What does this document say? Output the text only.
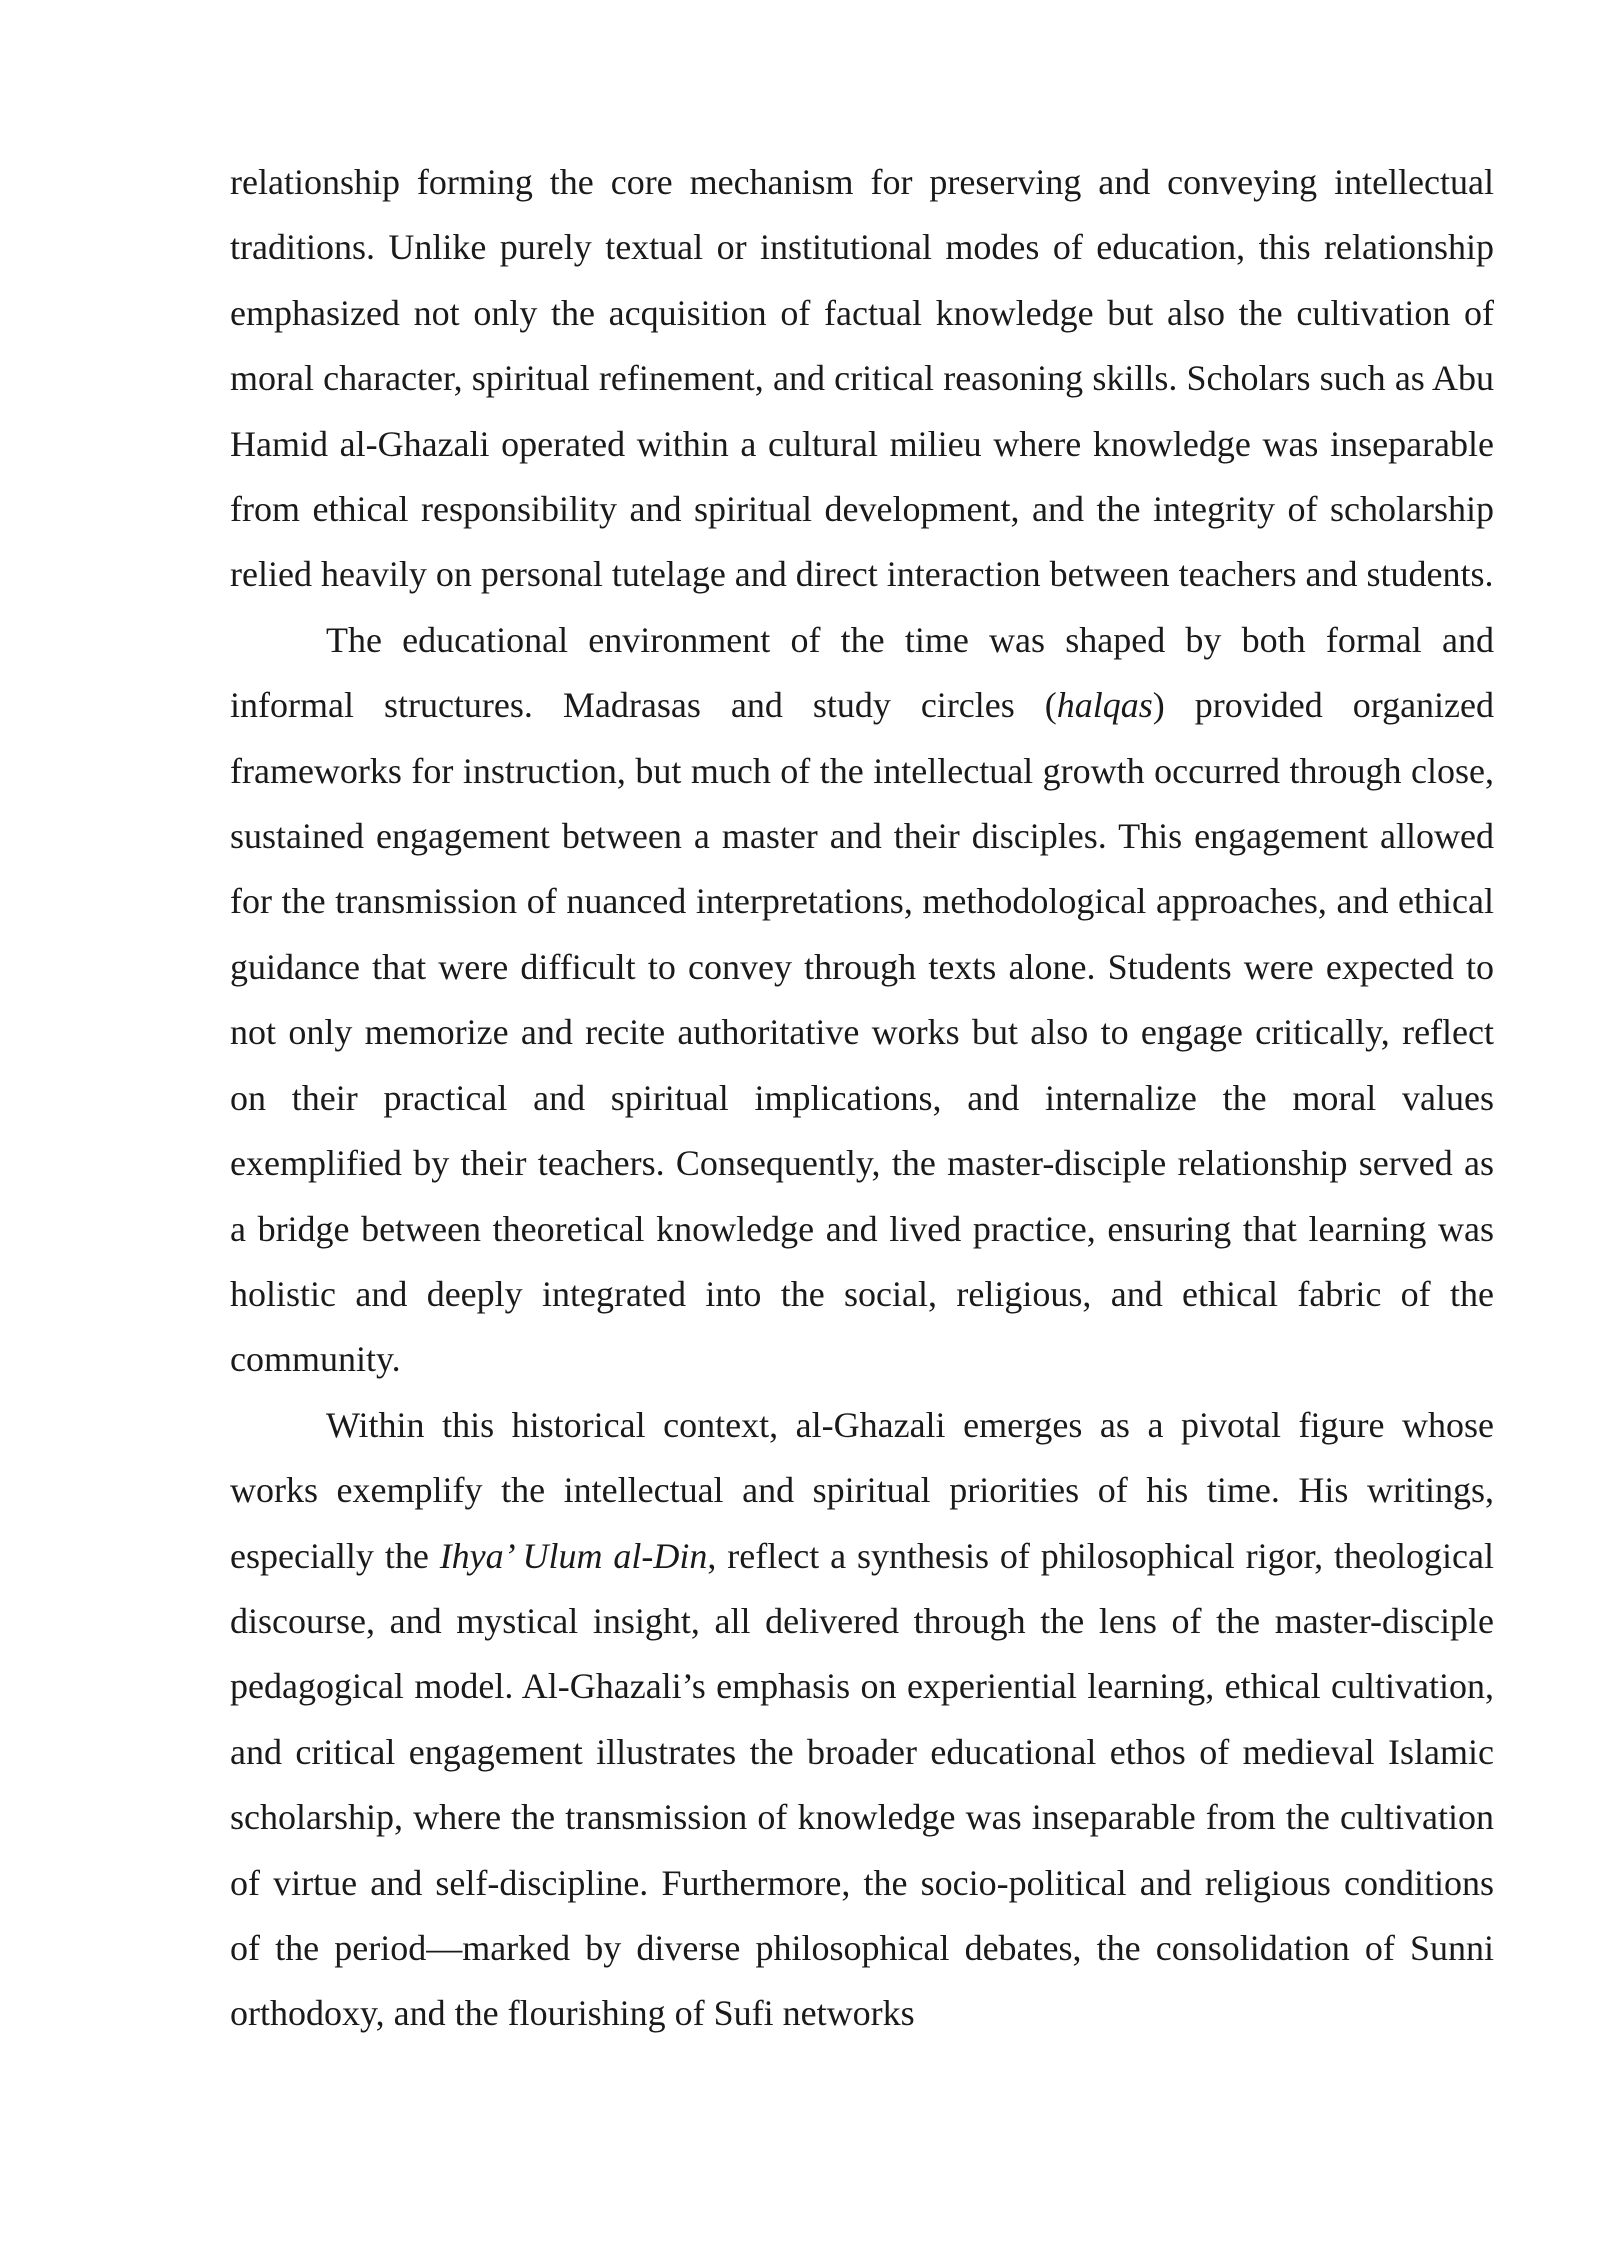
relationship forming the core mechanism for preserving and conveying intellectual traditions. Unlike purely textual or institutional modes of education, this relationship emphasized not only the acquisition of factual knowledge but also the cultivation of moral character, spiritual refinement, and critical reasoning skills. Scholars such as Abu Hamid al-Ghazali operated within a cultural milieu where knowledge was inseparable from ethical responsibility and spiritual development, and the integrity of scholarship relied heavily on personal tutelage and direct interaction between teachers and students.

The educational environment of the time was shaped by both formal and informal structures. Madrasas and study circles (halqas) provided organized frameworks for instruction, but much of the intellectual growth occurred through close, sustained engagement between a master and their disciples. This engagement allowed for the transmission of nuanced interpretations, methodological approaches, and ethical guidance that were difficult to convey through texts alone. Students were expected to not only memorize and recite authoritative works but also to engage critically, reflect on their practical and spiritual implications, and internalize the moral values exemplified by their teachers. Consequently, the master-disciple relationship served as a bridge between theoretical knowledge and lived practice, ensuring that learning was holistic and deeply integrated into the social, religious, and ethical fabric of the community.

Within this historical context, al-Ghazali emerges as a pivotal figure whose works exemplify the intellectual and spiritual priorities of his time. His writings, especially the Ihya’ Ulum al-Din, reflect a synthesis of philosophical rigor, theological discourse, and mystical insight, all delivered through the lens of the master-disciple pedagogical model. Al-Ghazali’s emphasis on experiential learning, ethical cultivation, and critical engagement illustrates the broader educational ethos of medieval Islamic scholarship, where the transmission of knowledge was inseparable from the cultivation of virtue and self-discipline. Furthermore, the socio-political and religious conditions of the period—marked by diverse philosophical debates, the consolidation of Sunni orthodoxy, and the flourishing of Sufi networks
